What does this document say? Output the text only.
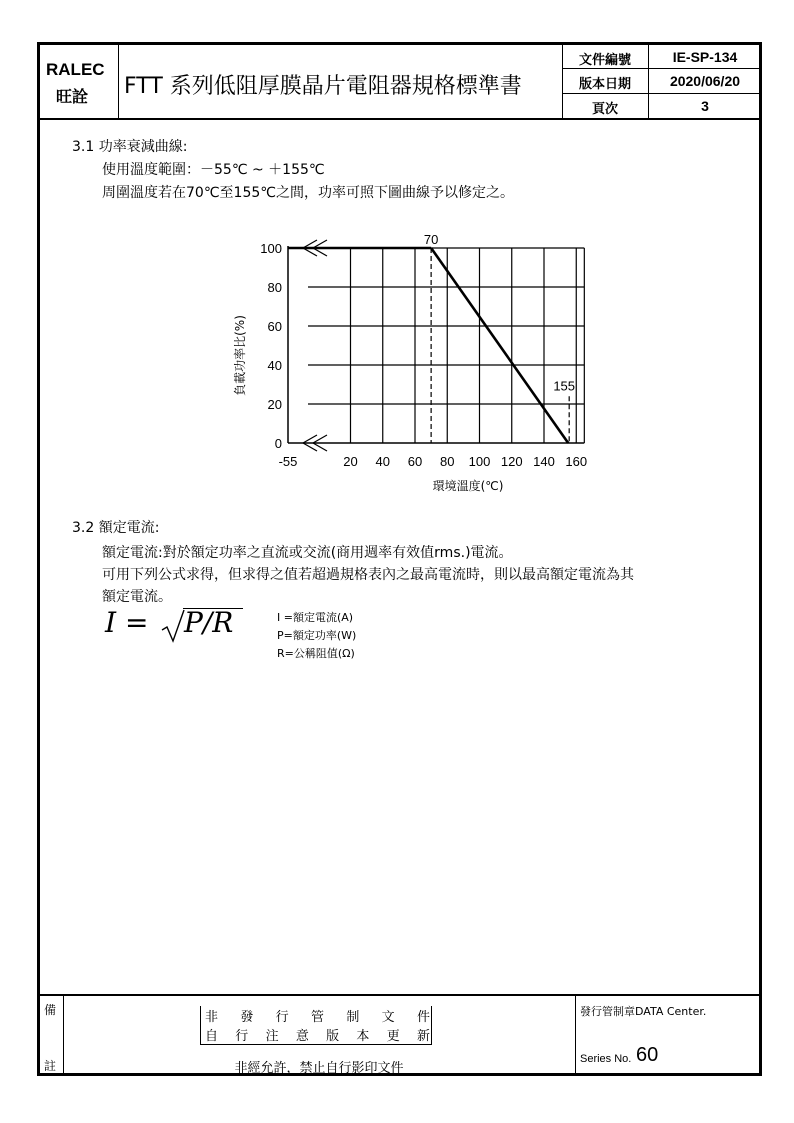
RALEC
旺詮 FTT 系列低阻厚膜晶片電阻器規格標準書
文件編號	IE-SP-134
版本日期	2020/06/20
頁次	3
3.1 功率衰減曲線:
使用溫度範圍：－55℃ ~ ＋155℃
周圍溫度若在70℃至155℃之間，功率可照下圖曲線予以修定之。
0
20
40
60
80
100
-55	20 40 60 80 100 120 140 160
70
155
環境溫度(℃)
負載功率比(%)
3.2 額定電流:
額定電流:對於額定功率之直流或交流(商用週率有效值rms.)電流。
可用下列公式求得，但求得之值若超過規格表內之最高電流時，則以最高額定電流為其
額定電流。
I = P/R	I =額定電流(A)
P=額定功率(W)
R=公稱阻值(Ω)
備
註
非 發 行 管 制 文 件
自 行 注 意 版 本 更 新
非經允許，禁止自行影印文件
發行管制章DATA Center.
Series No. 60
